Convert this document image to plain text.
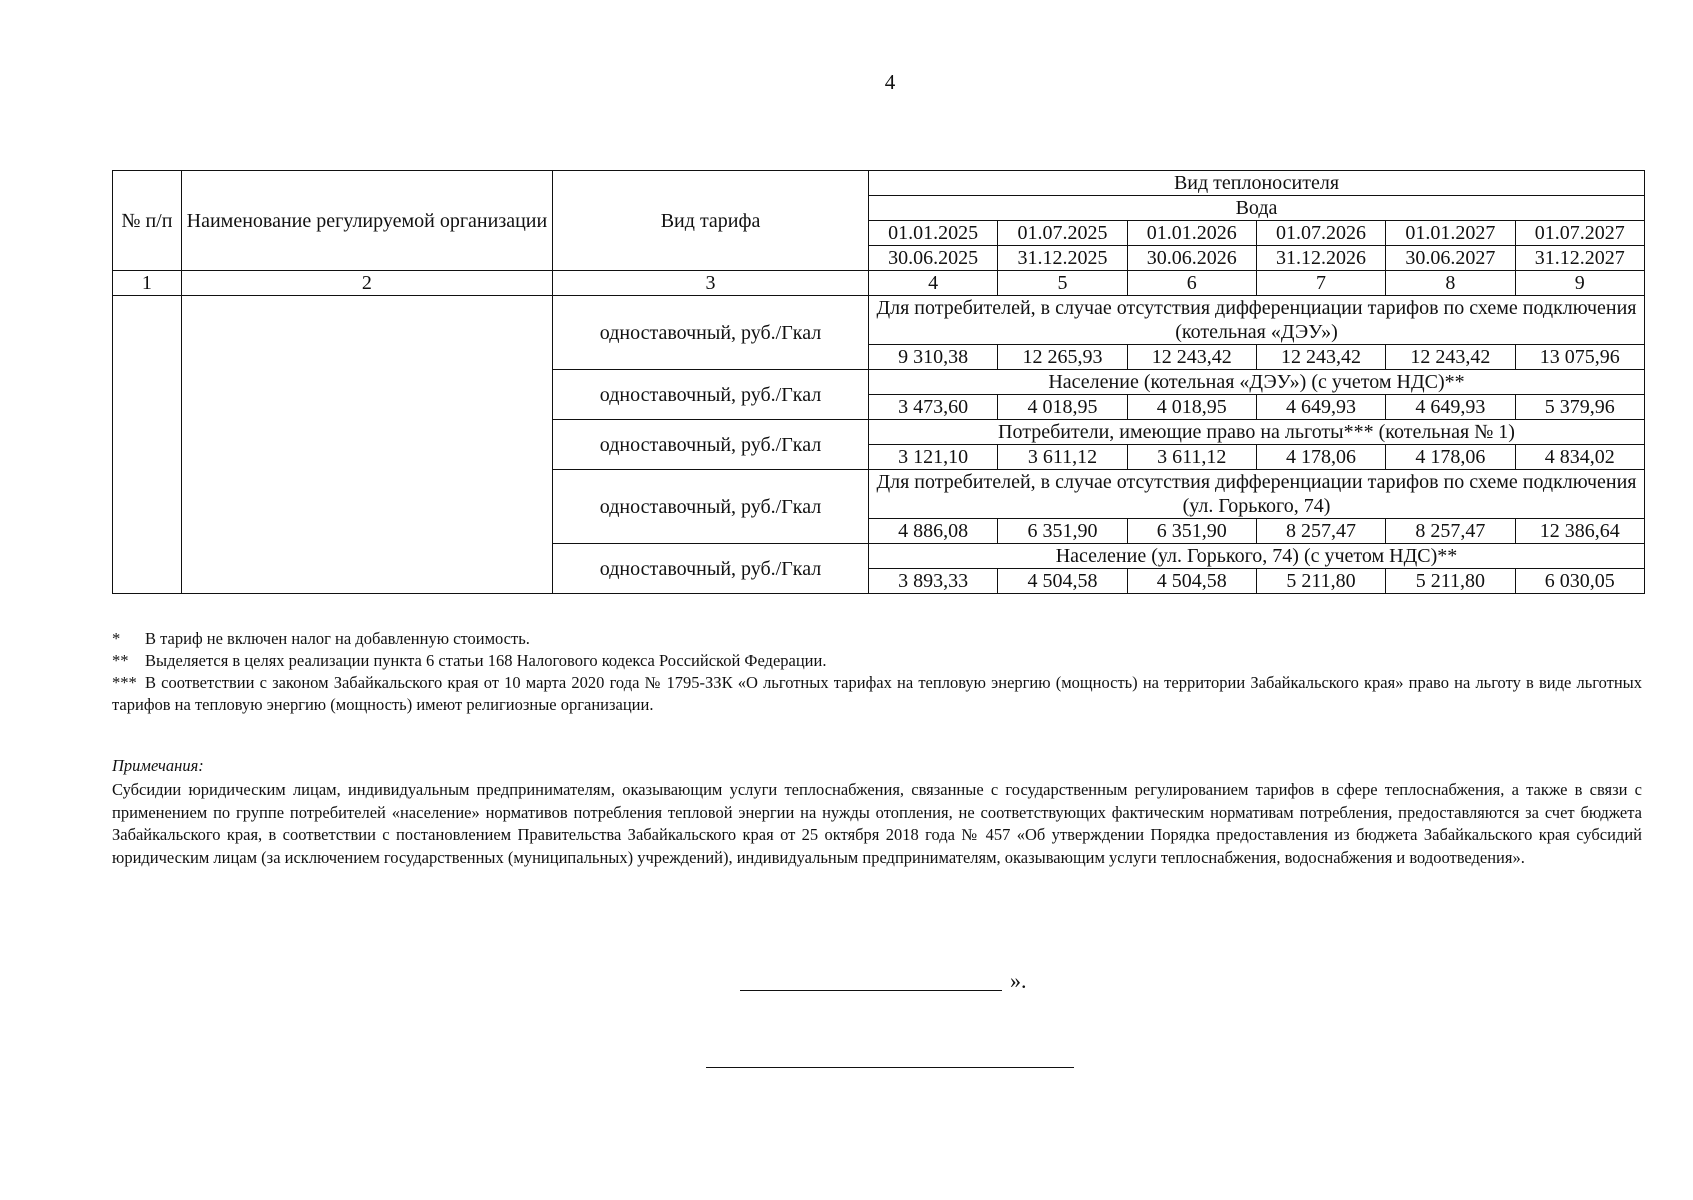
4
№ п/п	Наименование регулируемой организации	Вид тарифа	Вид теплоносителя					
			Вода					
			01.01.2025	01.07.2025	01.01.2026	01.07.2026	01.01.2027	01.07.2027
			30.06.2025	31.12.2025	30.06.2026	31.12.2026	30.06.2027	31.12.2027
1	2	3	4	5	6	7	8	9
		одноставочный, руб./Гкал	Для потребителей, в случае отсутствия дифференциации тарифов по схеме подключения (котельная «ДЭУ»)					
			9 310,38	12 265,93	12 243,42	12 243,42	12 243,42	13 075,96
		одноставочный, руб./Гкал	Население (котельная «ДЭУ») (с учетом НДС)**					
			3 473,60	4 018,95	4 018,95	4 649,93	4 649,93	5 379,96
		одноставочный, руб./Гкал	Потребители, имеющие право на льготы*** (котельная № 1)					
			3 121,10	3 611,12	3 611,12	4 178,06	4 178,06	4 834,02
		одноставочный, руб./Гкал	Для потребителей, в случае отсутствия дифференциации тарифов по схеме подключения (ул. Горького, 74)					
			4 886,08	6 351,90	6 351,90	8 257,47	8 257,47	12 386,64
		одноставочный, руб./Гкал	Население (ул. Горького, 74) (с учетом НДС)**					
			3 893,33	4 504,58	4 504,58	5 211,80	5 211,80	6 030,05
* В тариф не включен налог на добавленную стоимость.
** Выделяется в целях реализации пункта 6 статьи 168 Налогового кодекса Российской Федерации.
*** В соответствии с законом Забайкальского края от 10 марта 2020 года № 1795-ЗЗК «О льготных тарифах на тепловую энергию (мощность) на территории Забайкальского края» право на льготу в виде льготных тарифов на тепловую энергию (мощность) имеют религиозные организации.
Примечания:
Субсидии юридическим лицам, индивидуальным предпринимателям, оказывающим услуги теплоснабжения, связанные с государственным регулированием тарифов в сфере теплоснабжения, а также в связи с применением по группе потребителей «население» нормативов потребления тепловой энергии на нужды отопления, не соответствующих фактическим нормативам потребления, предоставляются за счет бюджета Забайкальского края, в соответствии с постановлением Правительства Забайкальского края от 25 октября 2018 года № 457 «Об утверждении Порядка предоставления из бюджета Забайкальского края субсидий юридическим лицам (за исключением государственных (муниципальных) учреждений), индивидуальным предпринимателям, оказывающим услуги теплоснабжения, водоснабжения и водоотведения».
».
